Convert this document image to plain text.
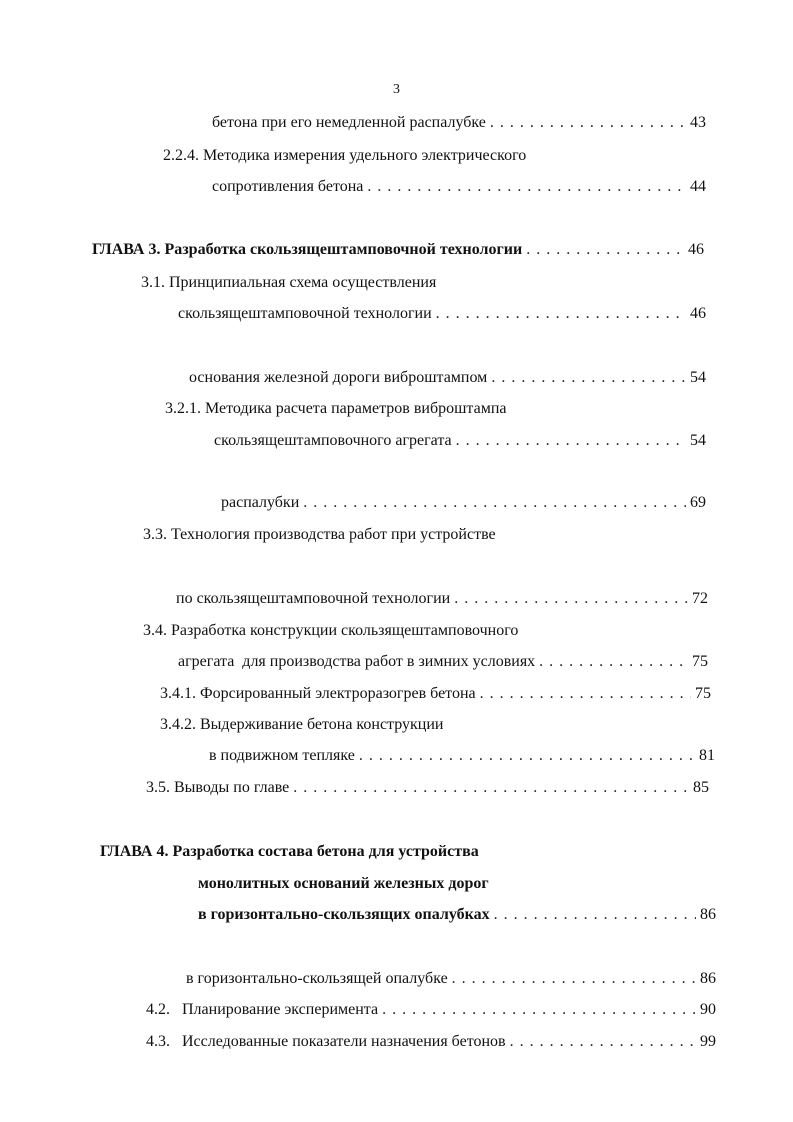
3
бетона при его немедленной распалубке . . .	43
2.2.4. Методика измерения удельного электрического
сопротивления бетона . . .	44
ГЛАВА 3. Разработка скользящештамповочной технологии . . .	46
3.1. Принципиальная схема осуществления
скользящештамповочной технологии . . .	46

основания железной дороги виброштампом . . .	54
3.2.1. Методика расчета параметров виброштампа
скользящештамповочного агрегата . . .	54

распалубки . . .	69
3.3. Технология производства работ при устройстве

по скользящештамповочной технологии . . .	72
3.4. Разработка конструкции скользящештамповочного
агрегата  для производства работ в зимних условиях . . .	75
3.4.1. Форсированный электроразогрев бетона . . .	75
3.4.2. Выдерживание бетона конструкции
в подвижном тепляке . . .	81
3.5. Выводы по главе . . .	85
ГЛАВА 4. Разработка состава бетона для устройства
монолитных оснований железных дорог
в горизонтально-скользящих опалубках . . .	86

в горизонтально-скользящей опалубке . . .	86
4.2.   Планирование эксперимента . . .	90
4.3.   Исследованные показатели назначения бетонов . . .	99
